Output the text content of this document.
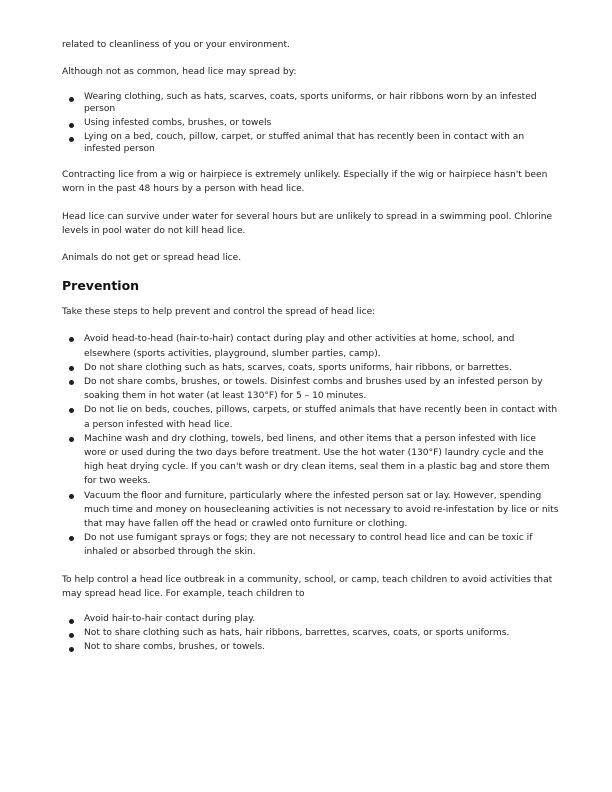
related to cleanliness of you or your environment.

Although not as common, head lice may spread by:

Wearing clothing, such as hats, scarves, coats, sports uniforms, or hair ribbons worn by an infested person
Using infested combs, brushes, or towels
Lying on a bed, couch, pillow, carpet, or stuffed animal that has recently been in contact with an infested person

Contracting lice from a wig or hairpiece is extremely unlikely. Especially if the wig or hairpiece hasn't been worn in the past 48 hours by a person with head lice.

Head lice can survive under water for several hours but are unlikely to spread in a swimming pool. Chlorine levels in pool water do not kill head lice.

Animals do not get or spread head lice.

Prevention

Take these steps to help prevent and control the spread of head lice:

Avoid head-to-head (hair-to-hair) contact during play and other activities at home, school, and elsewhere (sports activities, playground, slumber parties, camp).
Do not share clothing such as hats, scarves, coats, sports uniforms, hair ribbons, or barrettes.
Do not share combs, brushes, or towels. Disinfest combs and brushes used by an infested person by soaking them in hot water (at least 130°F) for 5 – 10 minutes.
Do not lie on beds, couches, pillows, carpets, or stuffed animals that have recently been in contact with a person infested with head lice.
Machine wash and dry clothing, towels, bed linens, and other items that a person infested with lice wore or used during the two days before treatment. Use the hot water (130°F) laundry cycle and the high heat drying cycle. If you can't wash or dry clean items, seal them in a plastic bag and store them for two weeks.
Vacuum the floor and furniture, particularly where the infested person sat or lay. However, spending much time and money on housecleaning activities is not necessary to avoid re-infestation by lice or nits that may have fallen off the head or crawled onto furniture or clothing.
Do not use fumigant sprays or fogs; they are not necessary to control head lice and can be toxic if inhaled or absorbed through the skin.

To help control a head lice outbreak in a community, school, or camp, teach children to avoid activities that may spread head lice. For example, teach children to

Avoid hair-to-hair contact during play.
Not to share clothing such as hats, hair ribbons, barrettes, scarves, coats, or sports uniforms.
Not to share combs, brushes, or towels.
